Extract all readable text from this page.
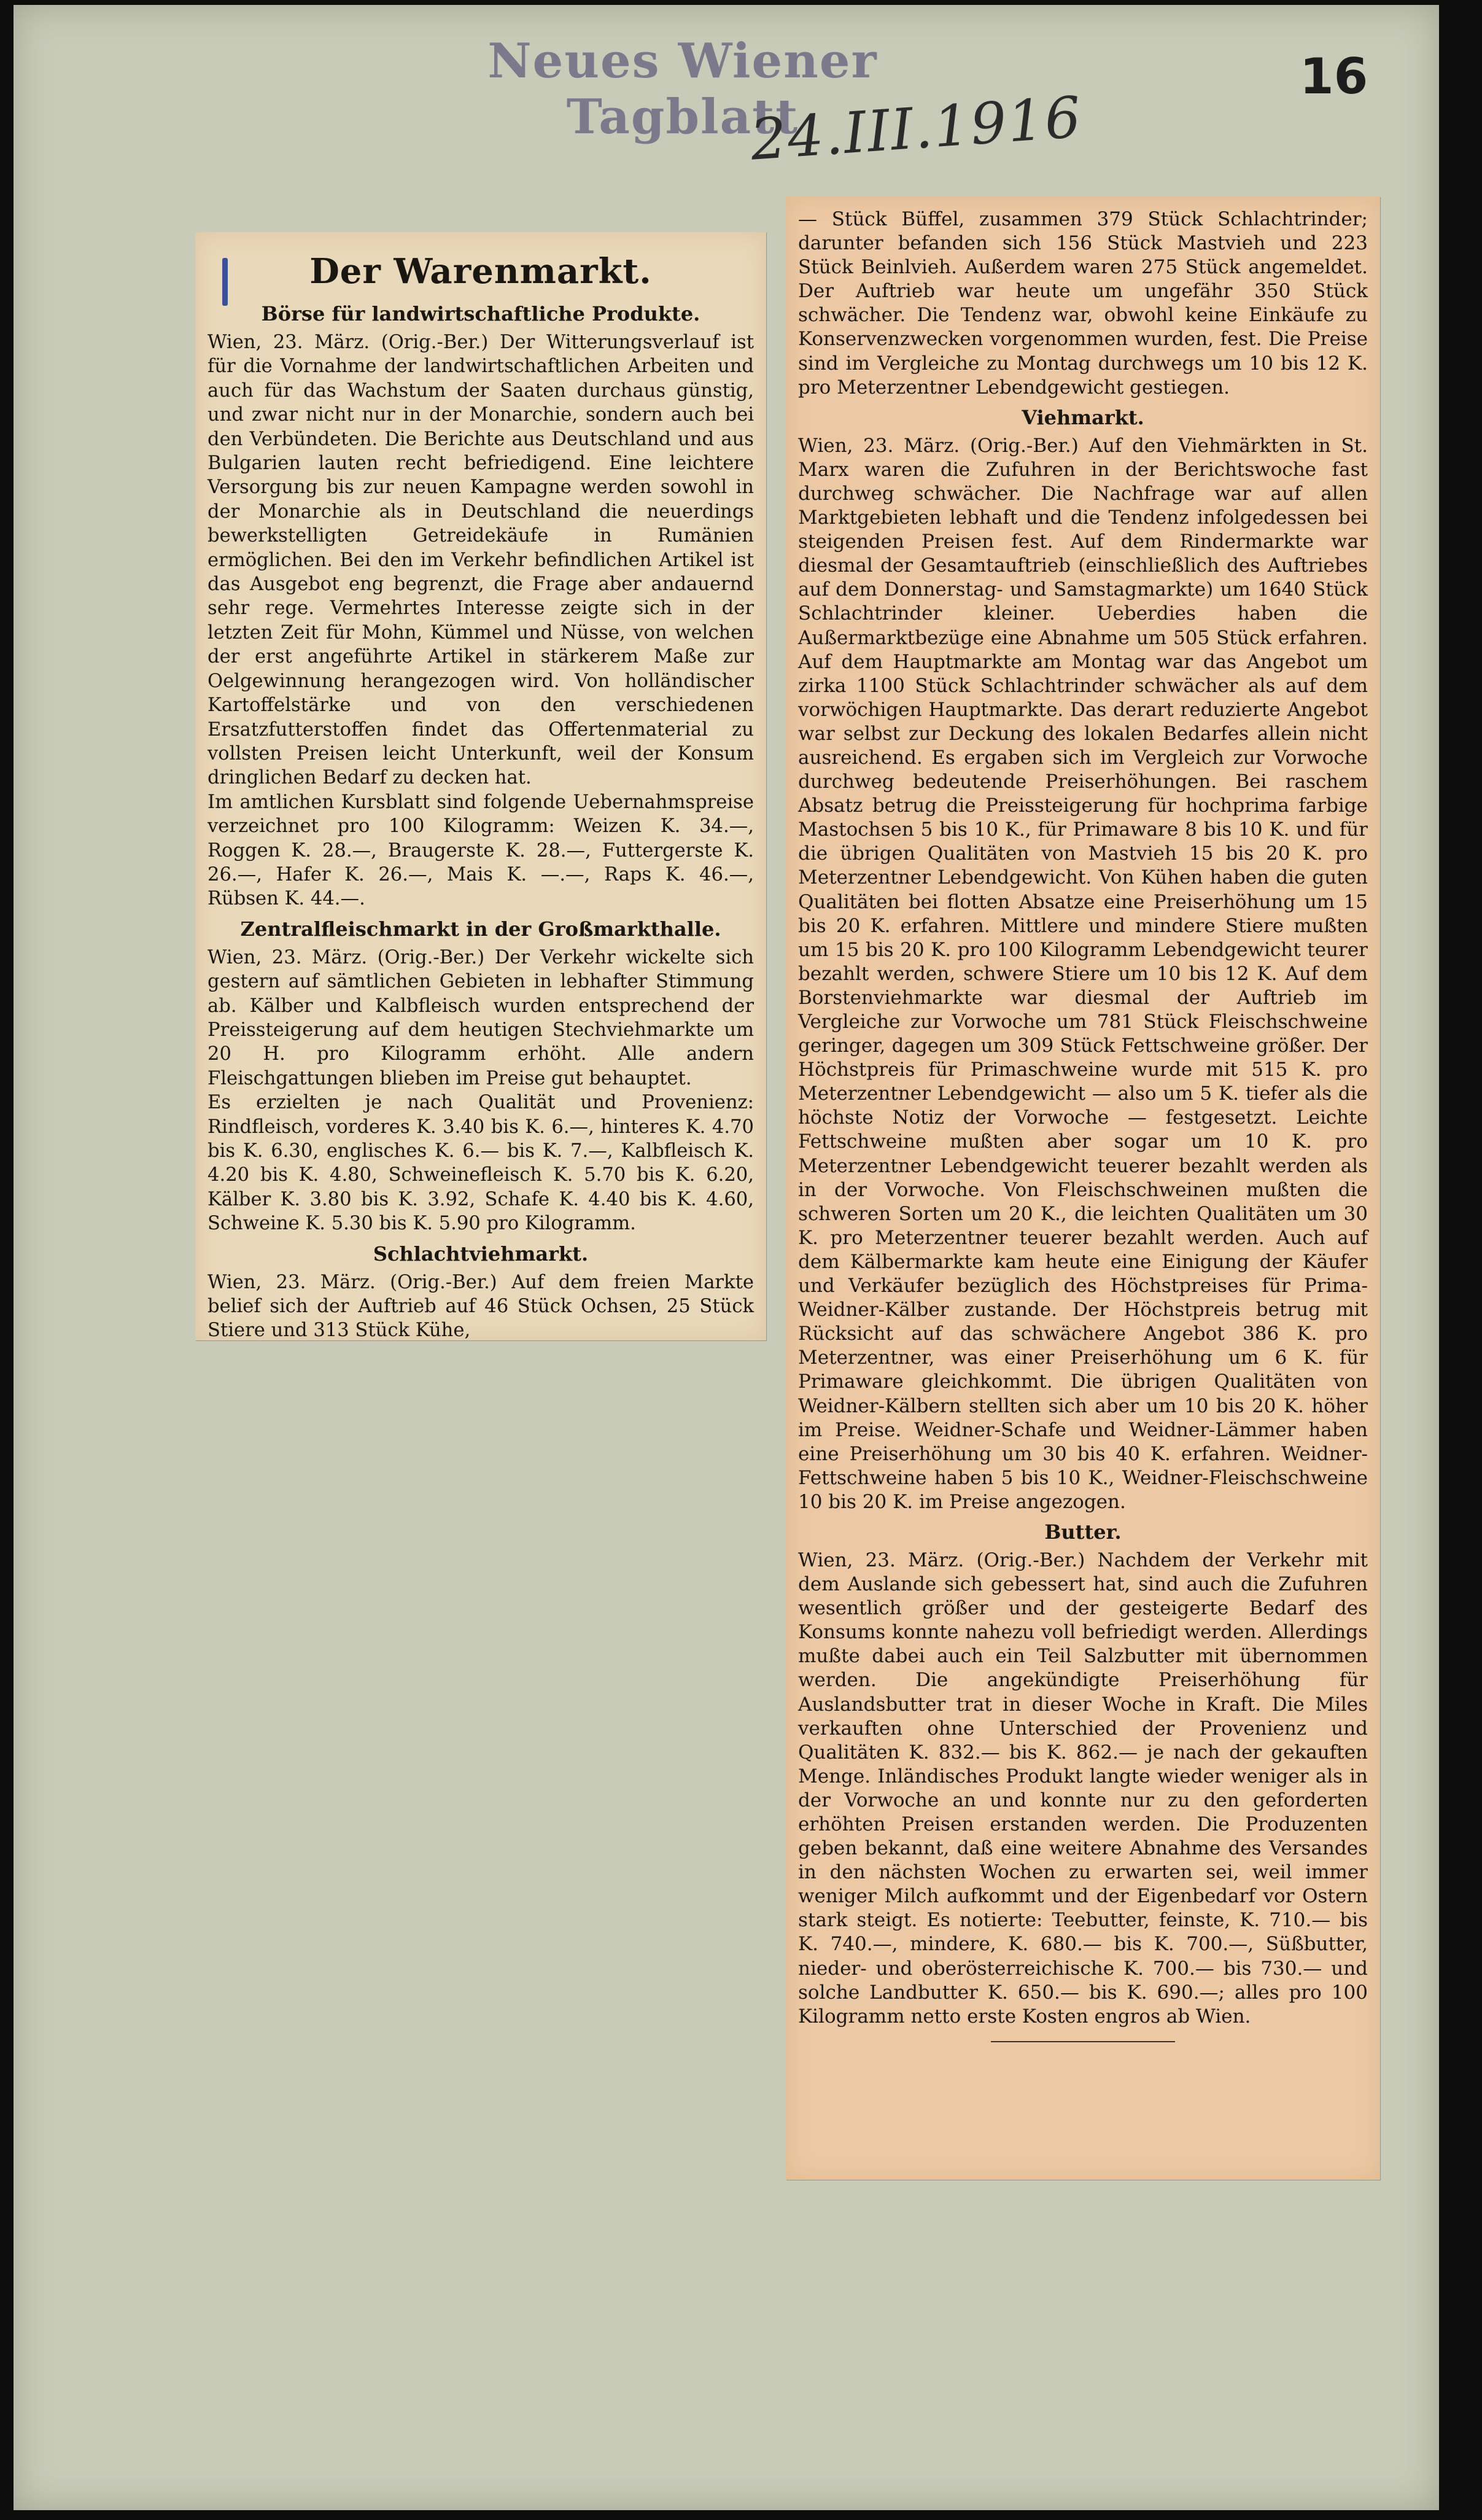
Neues Wiener Tagblatt
16
24.III.1916
Der Warenmarkt.
Börse für landwirtschaftliche Produkte.

Wien, 23. März. (Orig.-Ber.) Der Witterungsverlauf ist für die Vornahme der landwirtschaftlichen Arbeiten und auch für das Wachstum der Saaten durchaus günstig, und zwar nicht nur in der Monarchie, sondern auch bei den Verbündeten. Die Berichte aus Deutschland und aus Bulgarien lauten recht befriedigend. Eine leichtere Versorgung bis zur neuen Kampagne werden sowohl in der Monarchie als in Deutschland die neuerdings bewerkstelligten Getreidekäufe in Rumänien ermöglichen. Bei den im Verkehr befindlichen Artikel ist das Ausgebot eng begrenzt, die Frage aber andauernd sehr rege. Vermehrtes Interesse zeigte sich in der letzten Zeit für Mohn, Kümmel und Nüsse, von welchen der erst angeführte Artikel in stärkerem Maße zur Oelgewinnung herangezogen wird. Von holländischer Kartoffelstärke und von den verschiedenen Ersatzfutterstoffen findet das Offertenmaterial zu vollsten Preisen leicht Unterkunft, weil der Konsum dringlichen Bedarf zu decken hat.

Im amtlichen Kursblatt sind folgende Uebernahmspreise verzeichnet pro 100 Kilogramm: Weizen K. 34.—, Roggen K. 28.—, Braugerste K. 28.—, Futtergerste K. 26.—, Hafer K. 26.—, Mais K. —.—, Raps K. 46.—, Rübsen K. 44.—.

Zentralfleischmarkt in der Großmarkthalle.

Wien, 23. März. (Orig.-Ber.) Der Verkehr wickelte sich gestern auf sämtlichen Gebieten in lebhafter Stimmung ab. Kälber und Kalbfleisch wurden entsprechend der Preissteigerung auf dem heutigen Stechviehmarkte um 20 H. pro Kilogramm erhöht. Alle andern Fleischgattungen blieben im Preise gut behauptet.

Es erzielten je nach Qualität und Provenienz: Rindfleisch, vorderes K. 3.40 bis K. 6.—, hinteres K. 4.70 bis K. 6.30, englisches K. 6.— bis K. 7.—, Kalbfleisch K. 4.20 bis K. 4.80, Schweinefleisch K. 5.70 bis K. 6.20, Kälber K. 3.80 bis K. 3.92, Schafe K. 4.40 bis K. 4.60, Schweine K. 5.30 bis K. 5.90 pro Kilogramm.

Schlachtviehmarkt.

Wien, 23. März. (Orig.-Ber.) Auf dem freien Markte belief sich der Auftrieb auf 46 Stück Ochsen, 25 Stück Stiere und 313 Stück Kühe,

— Stück Büffel, zusammen 379 Stück Schlachtrinder; darunter befanden sich 156 Stück Mastvieh und 223 Stück Beinlvieh. Außerdem waren 275 Stück angemeldet. Der Auftrieb war heute um ungefähr 350 Stück schwächer. Die Tendenz war, obwohl keine Einkäufe zu Konservenzwecken vorgenommen wurden, fest. Die Preise sind im Vergleiche zu Montag durchwegs um 10 bis 12 K. pro Meterzentner Lebendgewicht gestiegen.

Viehmarkt.

Wien, 23. März. (Orig.-Ber.) Auf den Viehmärkten in St. Marx waren die Zufuhren in der Berichtswoche fast durchweg schwächer. Die Nachfrage war auf allen Marktgebieten lebhaft und die Tendenz infolgedessen bei steigenden Preisen fest. Auf dem Rindermarkte war diesmal der Gesamtauftrieb (einschließlich des Auftriebes auf dem Donnerstag- und Samstagmarkte) um 1640 Stück Schlachtrinder kleiner. Ueberdies haben die Außermarktbezüge eine Abnahme um 505 Stück erfahren. Auf dem Hauptmarkte am Montag war das Angebot um zirka 1100 Stück Schlachtrinder schwächer als auf dem vorwöchigen Hauptmarkte. Das derart reduzierte Angebot war selbst zur Deckung des lokalen Bedarfes allein nicht ausreichend. Es ergaben sich im Vergleich zur Vorwoche durchweg bedeutende Preiserhöhungen. Bei raschem Absatz betrug die Preissteigerung für hochprima farbige Mastochsen 5 bis 10 K., für Primaware 8 bis 10 K. und für die übrigen Qualitäten von Mastvieh 15 bis 20 K. pro Meterzentner Lebendgewicht. Von Kühen haben die guten Qualitäten bei flotten Absatze eine Preiserhöhung um 15 bis 20 K. erfahren. Mittlere und mindere Stiere mußten um 15 bis 20 K. pro 100 Kilogramm Lebendgewicht teurer bezahlt werden, schwere Stiere um 10 bis 12 K. Auf dem Borstenviehmarkte war diesmal der Auftrieb im Vergleiche zur Vorwoche um 781 Stück Fleischschweine geringer, dagegen um 309 Stück Fettschweine größer. Der Höchstpreis für Primaschweine wurde mit 515 K. pro Meterzentner Lebendgewicht — also um 5 K. tiefer als die höchste Notiz der Vorwoche — festgesetzt. Leichte Fettschweine mußten aber sogar um 10 K. pro Meterzentner Lebendgewicht teuerer bezahlt werden als in der Vorwoche. Von Fleischschweinen mußten die schweren Sorten um 20 K., die leichten Qualitäten um 30 K. pro Meterzentner teuerer bezahlt werden. Auch auf dem Kälbermarkte kam heute eine Einigung der Käufer und Verkäufer bezüglich des Höchstpreises für Prima-Weidner-Kälber zustande. Der Höchstpreis betrug mit Rücksicht auf das schwächere Angebot 386 K. pro Meterzentner, was einer Preiserhöhung um 6 K. für Primaware gleichkommt. Die übrigen Qualitäten von Weidner-Kälbern stellten sich aber um 10 bis 20 K. höher im Preise. Weidner-Schafe und Weidner-Lämmer haben eine Preiserhöhung um 30 bis 40 K. erfahren. Weidner-Fettschweine haben 5 bis 10 K., Weidner-Fleischschweine 10 bis 20 K. im Preise angezogen.

Butter.

Wien, 23. März. (Orig.-Ber.) Nachdem der Verkehr mit dem Auslande sich gebessert hat, sind auch die Zufuhren wesentlich größer und der gesteigerte Bedarf des Konsums konnte nahezu voll befriedigt werden. Allerdings mußte dabei auch ein Teil Salzbutter mit übernommen werden. Die angekündigte Preiserhöhung für Auslandsbutter trat in dieser Woche in Kraft. Die Miles verkauften ohne Unterschied der Provenienz und Qualitäten K. 832.— bis K. 862.— je nach der gekauften Menge. Inländisches Produkt langte wieder weniger als in der Vorwoche an und konnte nur zu den geforderten erhöhten Preisen erstanden werden. Die Produzenten geben bekannt, daß eine weitere Abnahme des Versandes in den nächsten Wochen zu erwarten sei, weil immer weniger Milch aufkommt und der Eigenbedarf vor Ostern stark steigt. Es notierte: Teebutter, feinste, K. 710.— bis K. 740.—, mindere, K. 680.— bis K. 700.—, Süßbutter, nieder- und oberösterreichische K. 700.— bis 730.— und solche Landbutter K. 650.— bis K. 690.—; alles pro 100 Kilogramm netto erste Kosten engros ab Wien.
